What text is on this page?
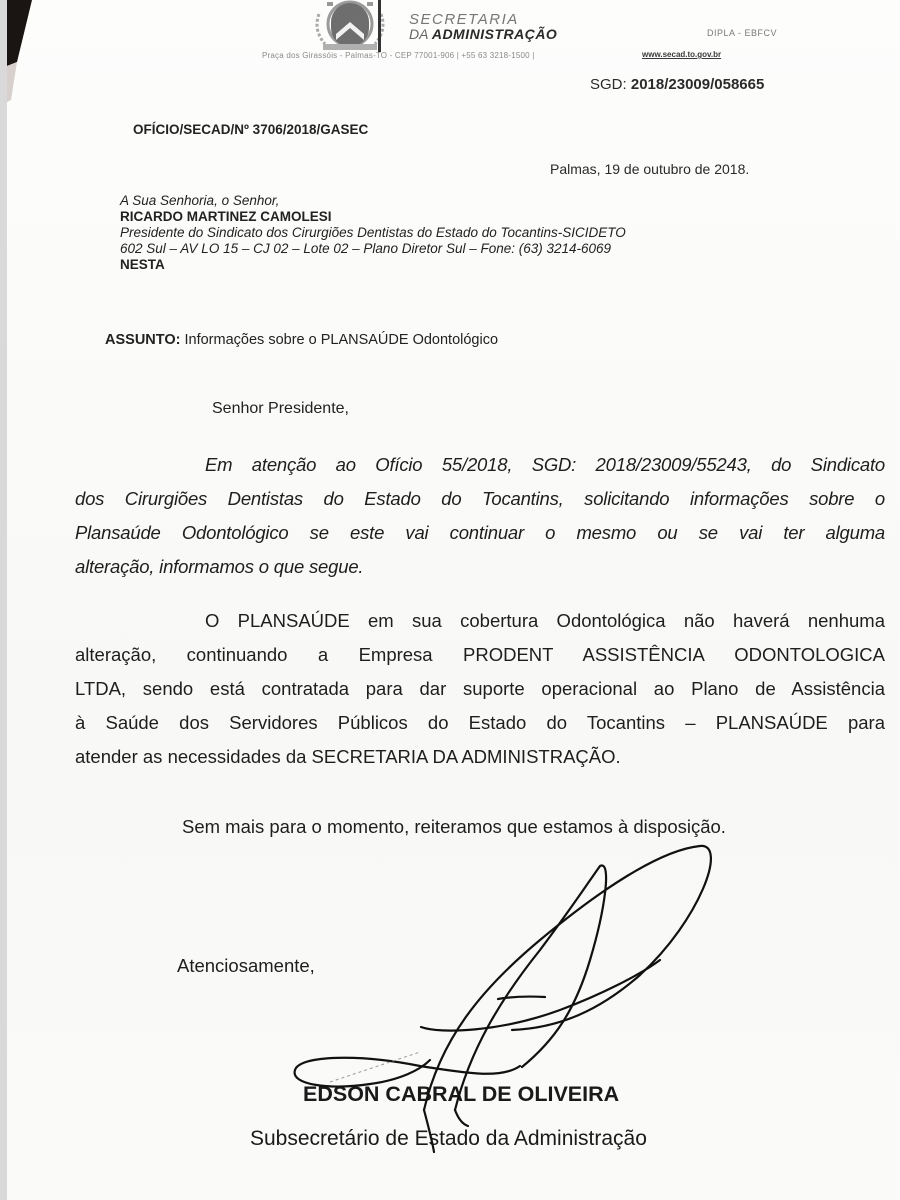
SECRETARIA
DA ADMINISTRAÇÃO	DIPLA - EBFCV
Praça dos Girassóis - Palmas-TO - CEP 77001-906 | +55 63 3218-1500 |	www.secad.to.gov.br
SGD: 2018/23009/058665
OFÍCIO/SECAD/Nº 3706/2018/GASEC
Palmas, 19 de outubro de 2018.
A Sua Senhoria, o Senhor,
RICARDO MARTINEZ CAMOLESI
Presidente do Sindicato dos Cirurgiões Dentistas do Estado do Tocantins-SICIDETO
602 Sul – AV LO 15 – CJ 02 – Lote 02 – Plano Diretor Sul – Fone: (63) 3214-6069
NESTA
ASSUNTO: Informações sobre o PLANSAÚDE Odontológico
Senhor Presidente,
Em atenção ao Ofício 55/2018, SGD: 2018/23009/55243, do Sindicato
dos Cirurgiões Dentistas do Estado do Tocantins, solicitando informações sobre o
Plansaúde Odontológico se este vai continuar o mesmo ou se vai ter alguma
alteração, informamos o que segue.
O PLANSAÚDE em sua cobertura Odontológica não haverá nenhuma
alteração, continuando a Empresa PRODENT ASSISTÊNCIA ODONTOLOGICA
LTDA, sendo está contratada para dar suporte operacional ao Plano de Assistência
à Saúde dos Servidores Públicos do Estado do Tocantins – PLANSAÚDE para
atender as necessidades da SECRETARIA DA ADMINISTRAÇÃO.
Sem mais para o momento, reiteramos que estamos à disposição.
Atenciosamente,
EDSON CABRAL DE OLIVEIRA
Subsecretário de Estado da Administração
